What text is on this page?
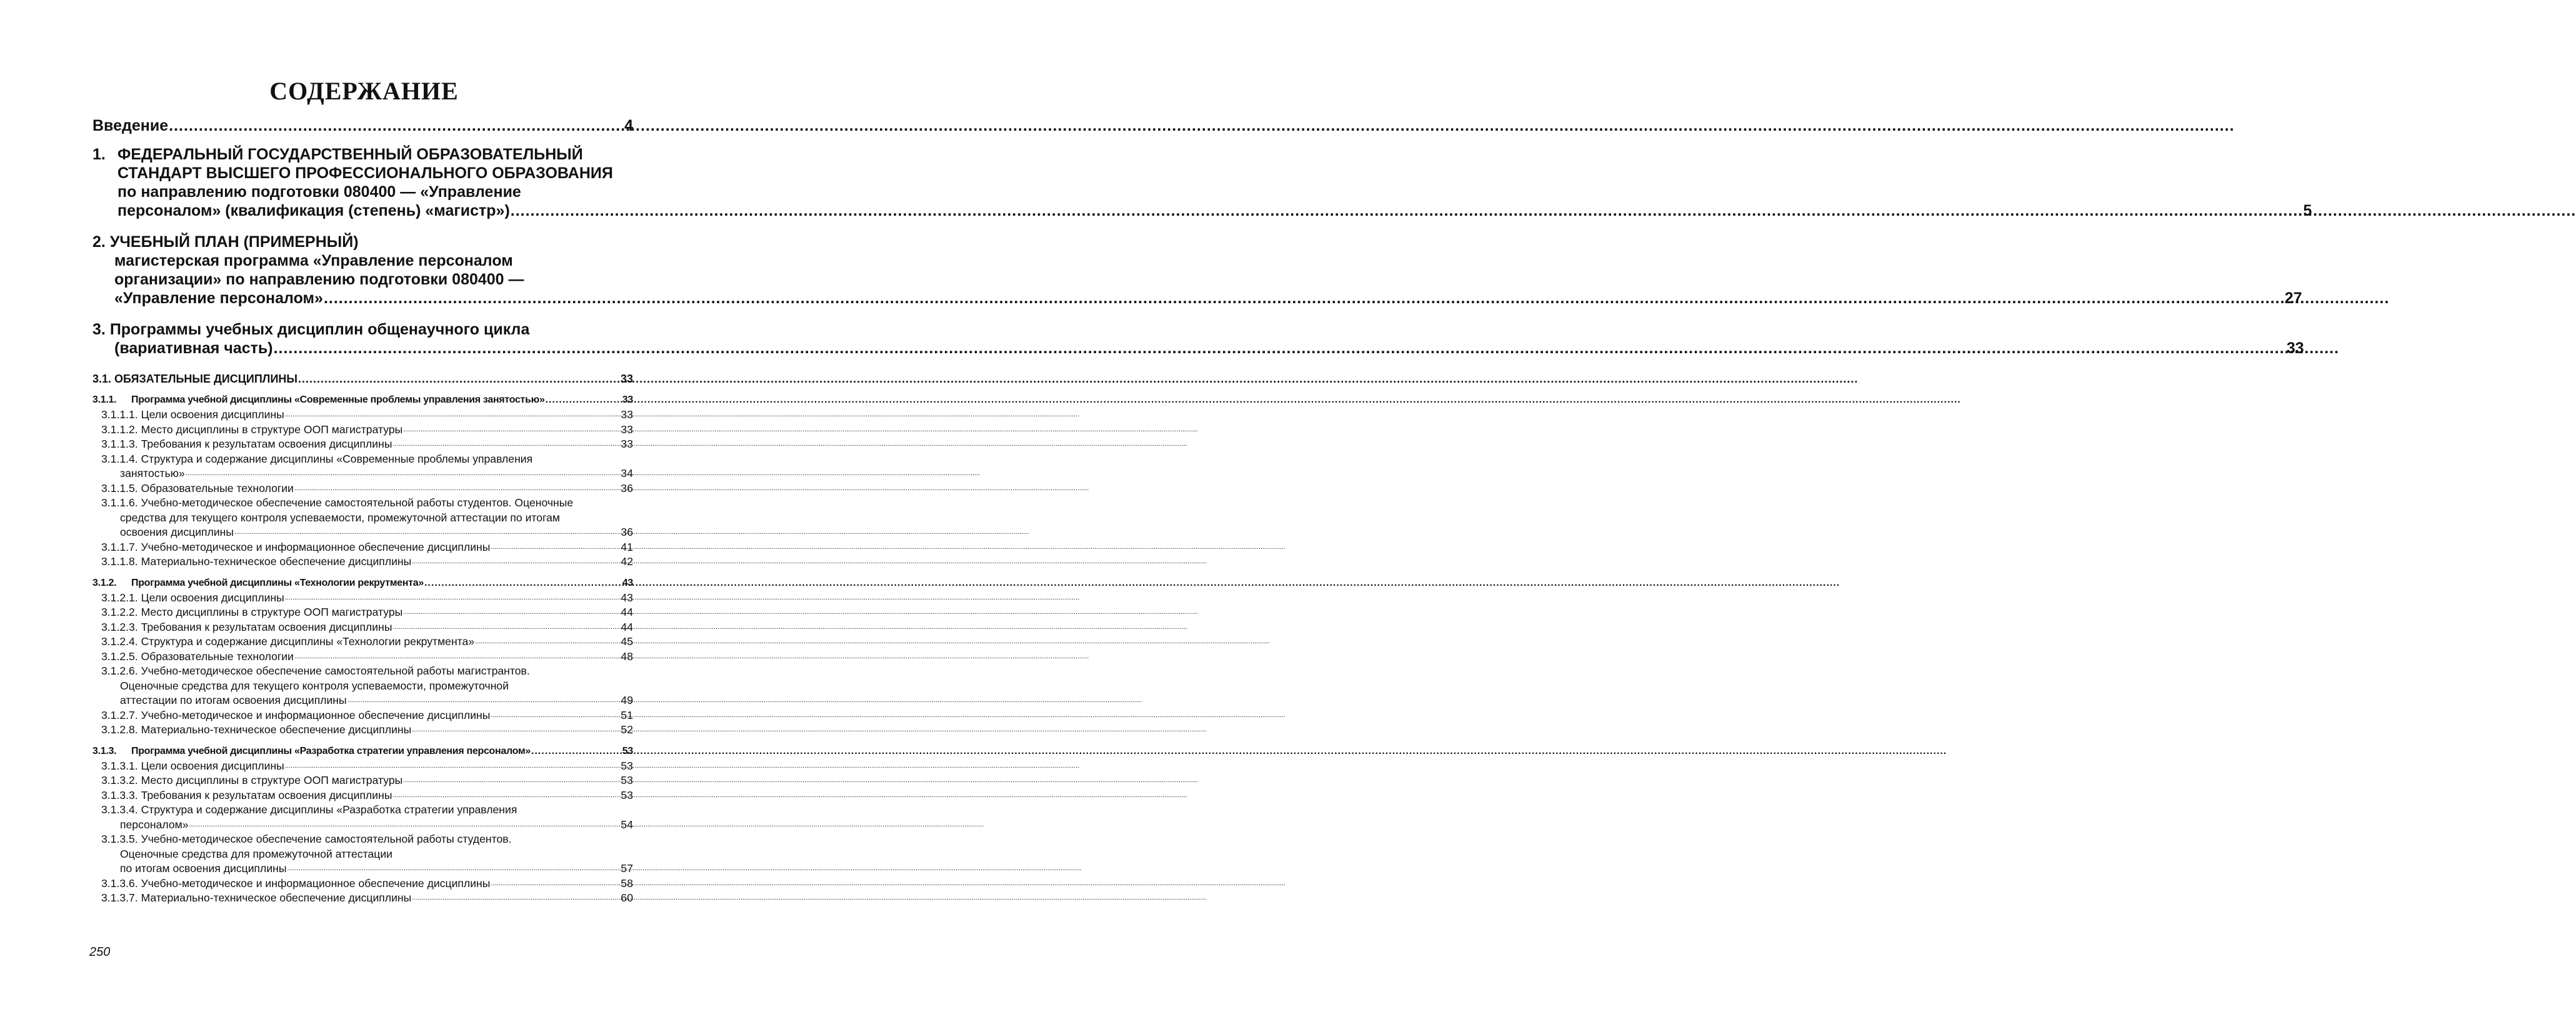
СОДЕРЖАНИЕ
Введение .....	4
1. ФЕДЕРАЛЬНЫЙ ГОСУДАРСТВЕННЫЙ ОБРАЗОВАТЕЛЬНЫЙ
СТАНДАРТ ВЫСШЕГО ПРОФЕССИОНАЛЬНОГО ОБРАЗОВАНИЯ
по направлению подготовки 080400 — «Управление
персоналом» (квалификация (степень) «магистр») .....	5
2. УЧЕБНЫЙ ПЛАН (ПРИМЕРНЫЙ)
магистерская программа «Управление персоналом
организации» по направлению подготовки 080400 —
«Управление персоналом» .....	27
3. Программы учебных дисциплин общенаучного цикла
(вариативная часть) .....	33
3.1. ОБЯЗАТЕЛЬНЫЕ ДИСЦИПЛИНЫ .....	33
3.1.1. Программа учебной дисциплины «Современные проблемы управления занятостью» .....	33
3.1.1.1. Цели освоения дисциплины .....	33
3.1.1.2. Место дисциплины в структуре ООП магистратуры .....	33
3.1.1.3. Требования к результатам освоения дисциплины .....	33
3.1.1.4. Структура и содержание дисциплины «Современные проблемы управления
занятостью» .....	34
3.1.1.5. Образовательные технологии .....	36
3.1.1.6. Учебно-методическое обеспечение самостоятельной работы студентов. Оценочные
средства для текущего контроля успеваемости, промежуточной аттестации по итогам
освоения дисциплины .....	36
3.1.1.7. Учебно-методическое и информационное обеспечение дисциплины .....	41
3.1.1.8. Материально-техническое обеспечение дисциплины .....	42
3.1.2. Программа учебной дисциплины «Технологии рекрутмента» .....	43
3.1.2.1. Цели освоения дисциплины .....	43
3.1.2.2. Место дисциплины в структуре ООП магистратуры .....	44
3.1.2.3. Требования к результатам освоения дисциплины .....	44
3.1.2.4. Структура и содержание дисциплины «Технологии рекрутмента» .....	45
3.1.2.5. Образовательные технологии .....	48
3.1.2.6. Учебно-методическое обеспечение самостоятельной работы магистрантов.
Оценочные средства для текущего контроля успеваемости, промежуточной
аттестации по итогам освоения дисциплины .....	49
3.1.2.7. Учебно-методическое и информационное обеспечение дисциплины .....	51
3.1.2.8. Материально-техническое обеспечение дисциплины .....	52
3.1.3. Программа учебной дисциплины «Разработка стратегии управления персоналом» .....	53
3.1.3.1. Цели освоения дисциплины .....	53
3.1.3.2. Место дисциплины в структуре ООП магистратуры .....	53
3.1.3.3. Требования к результатам освоения дисциплины .....	53
3.1.3.4. Структура и содержание дисциплины «Разработка стратегии управления
персоналом» .....	54
3.1.3.5. Учебно-методическое обеспечение самостоятельной работы студентов.
Оценочные средства для промежуточной аттестации
по итогам освоения дисциплины .....	57
3.1.3.6. Учебно-методическое и информационное обеспечение дисциплины .....	58
3.1.3.7. Материально-техническое обеспечение дисциплины .....	60
250
